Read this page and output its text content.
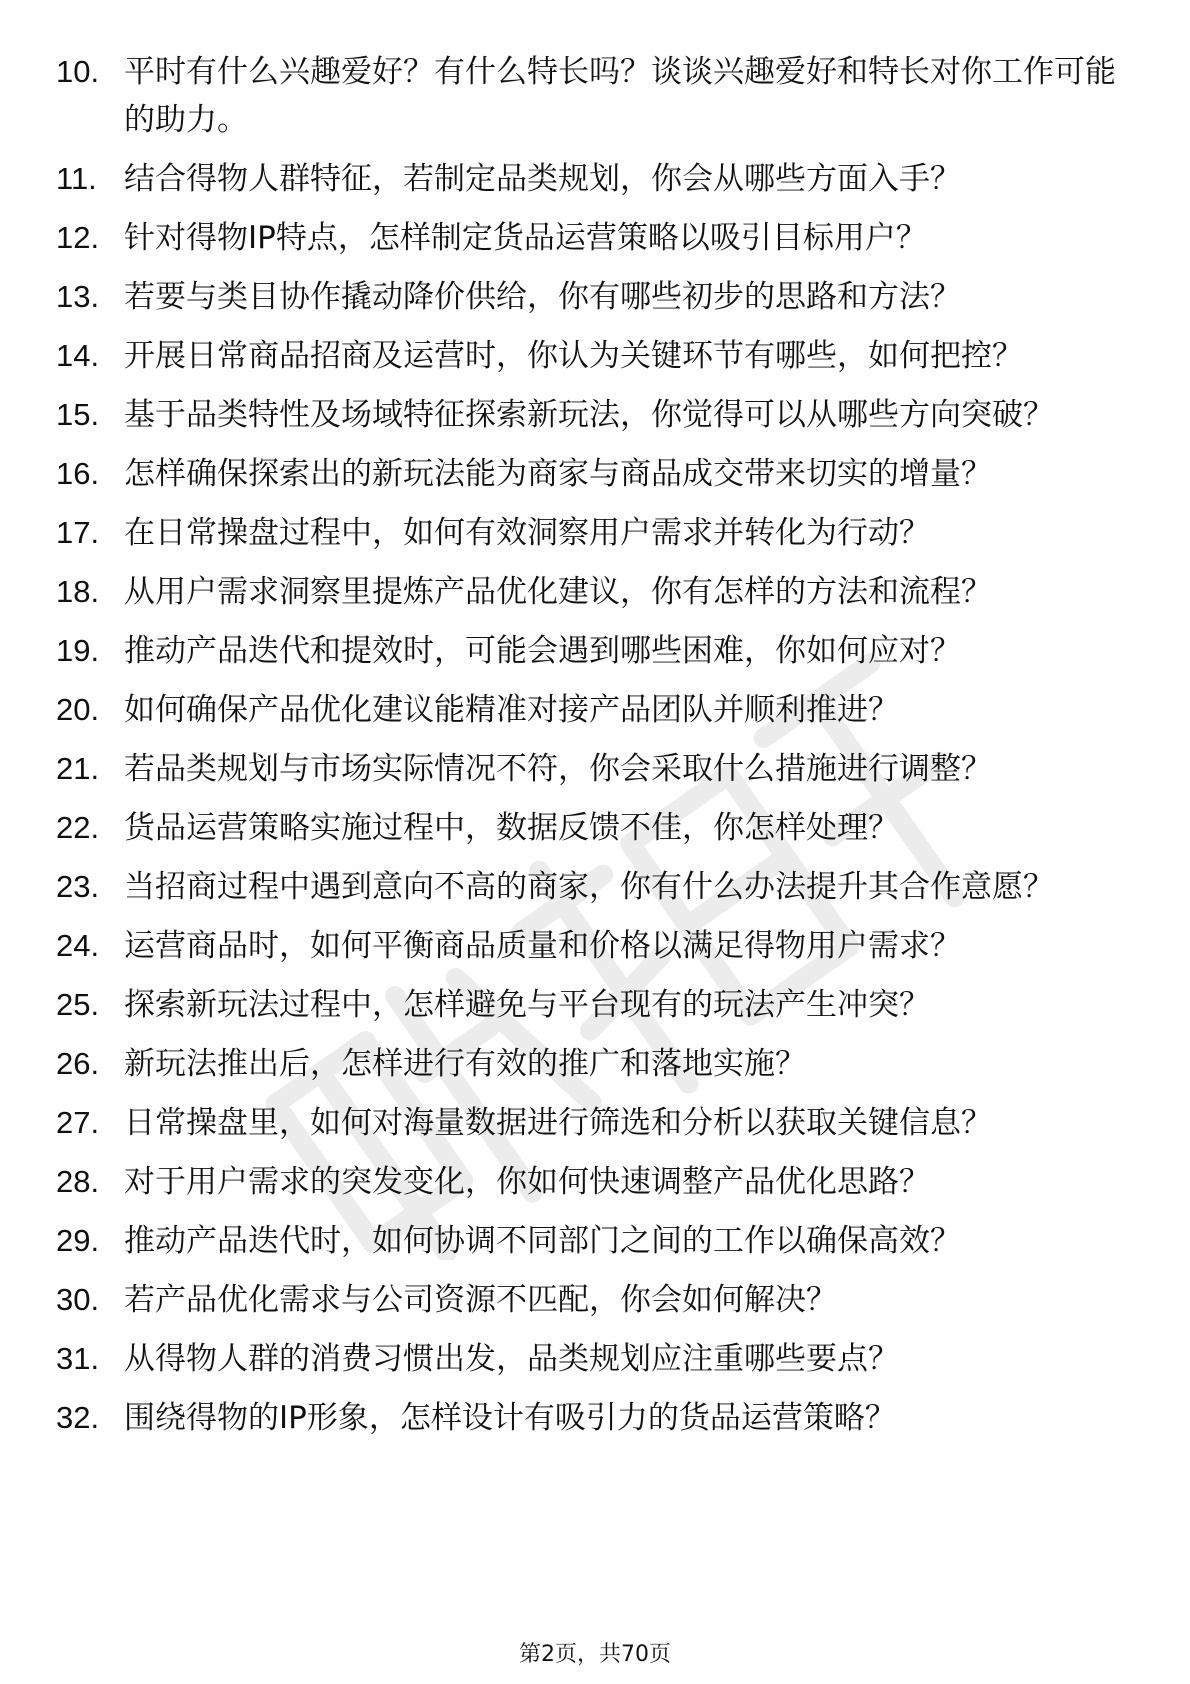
10. 平时有什么兴趣爱好？有什么特长吗？谈谈兴趣爱好和特长对你工作可能的助力。
11. 结合得物人群特征，若制定品类规划，你会从哪些方面入手？
12. 针对得物IP特点，怎样制定货品运营策略以吸引目标用户？
13. 若要与类目协作撬动降价供给，你有哪些初步的思路和方法？
14. 开展日常商品招商及运营时，你认为关键环节有哪些，如何把控？
15. 基于品类特性及场域特征探索新玩法，你觉得可以从哪些方向突破？
16. 怎样确保探索出的新玩法能为商家与商品成交带来切实的增量？
17. 在日常操盘过程中，如何有效洞察用户需求并转化为行动？
18. 从用户需求洞察里提炼产品优化建议，你有怎样的方法和流程？
19. 推动产品迭代和提效时，可能会遇到哪些困难，你如何应对？
20. 如何确保产品优化建议能精准对接产品团队并顺利推进？
21. 若品类规划与市场实际情况不符，你会采取什么措施进行调整？
22. 货品运营策略实施过程中，数据反馈不佳，你怎样处理？
23. 当招商过程中遇到意向不高的商家，你有什么办法提升其合作意愿？
24. 运营商品时，如何平衡商品质量和价格以满足得物用户需求？
25. 探索新玩法过程中，怎样避免与平台现有的玩法产生冲突？
26. 新玩法推出后，怎样进行有效的推广和落地实施？
27. 日常操盘里，如何对海量数据进行筛选和分析以获取关键信息？
28. 对于用户需求的突发变化，你如何快速调整产品优化思路？
29. 推动产品迭代时，如何协调不同部门之间的工作以确保高效？
30. 若产品优化需求与公司资源不匹配，你会如何解决？
31. 从得物人群的消费习惯出发，品类规划应注重哪些要点？
32. 围绕得物的IP形象，怎样设计有吸引力的货品运营策略？
第2页，共70页
